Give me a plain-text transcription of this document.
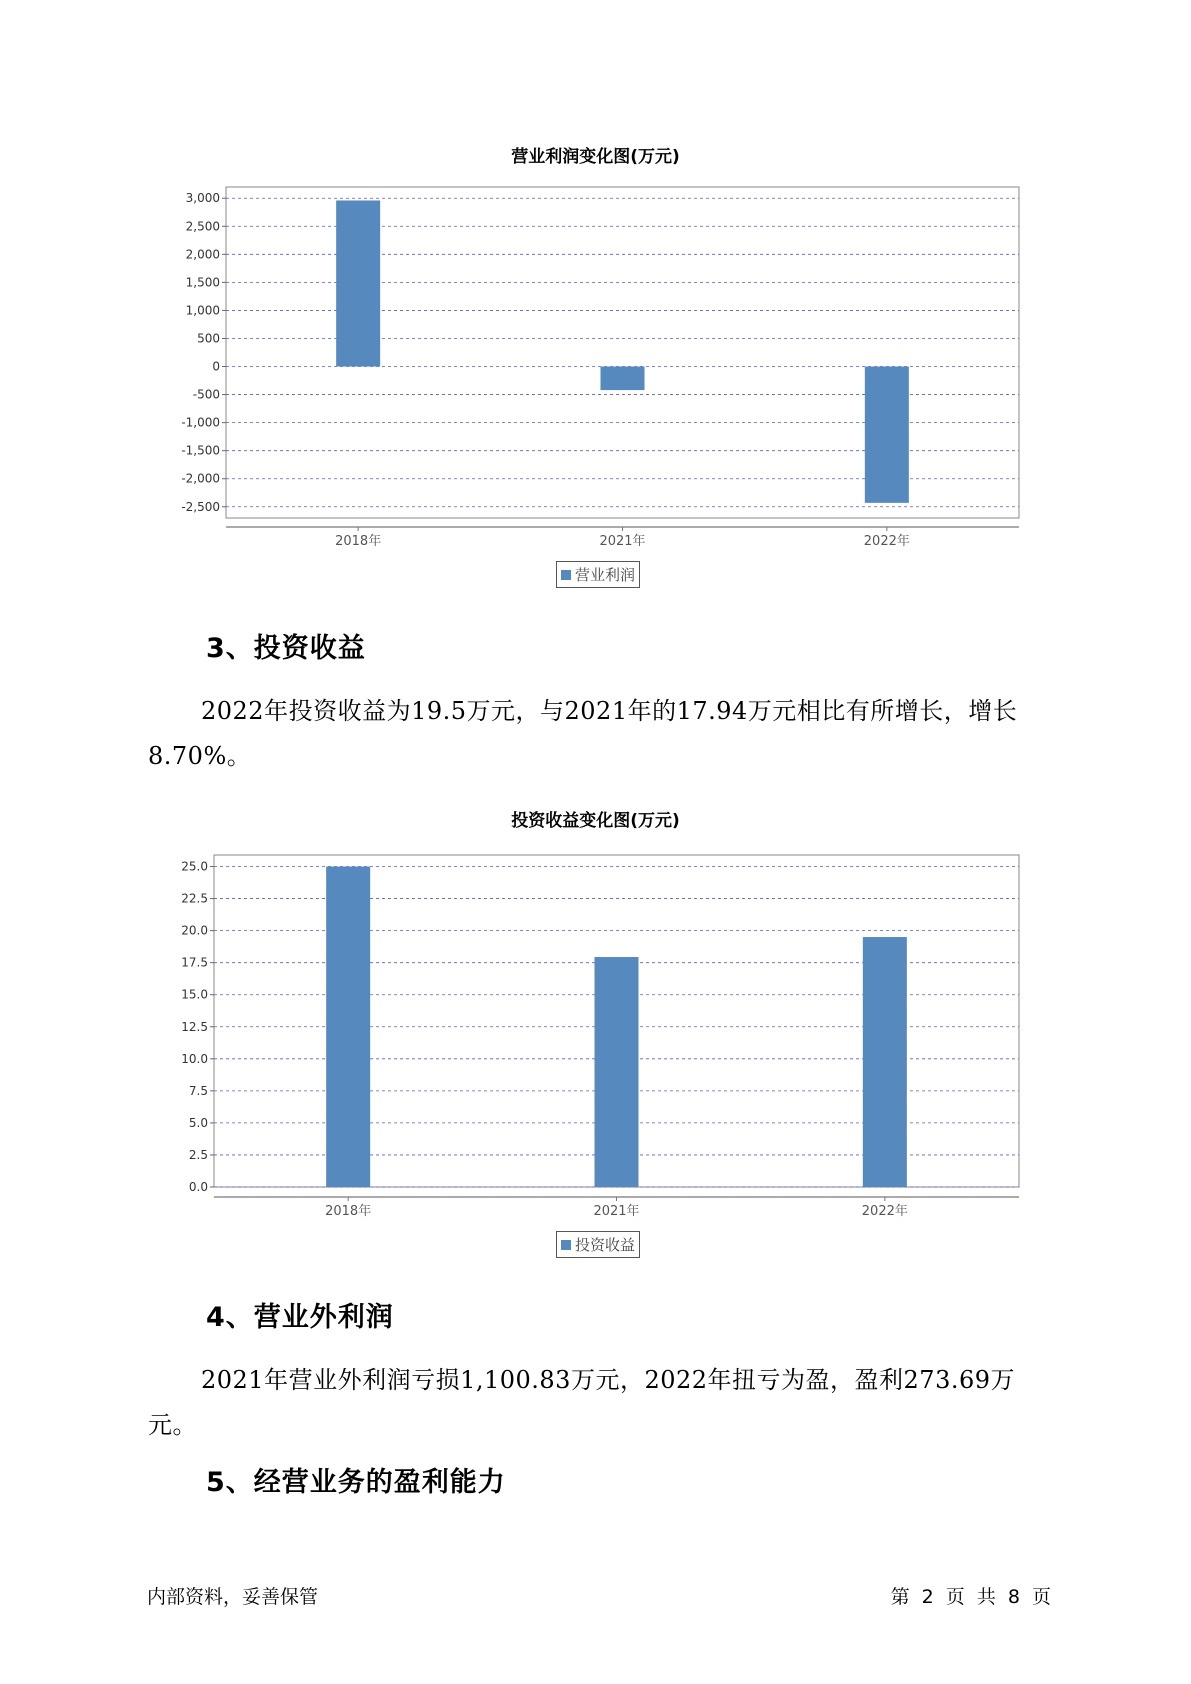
营业利润变化图(万元)
3,000
2,500
2,000
1,500
1,000
500
0
-500
-1,000
-1,500
-2,000
-2,500
2018年	2021年	2022年
营业利润
3、投资收益
2022年投资收益为19.5万元，与2021年的17.94万元相比有所增长，增长8.70%。
投资收益变化图(万元)
25.0
22.5
20.0
17.5
15.0
12.5
10.0
7.5
5.0
2.5
0.0
2018年	2021年	2022年
投资收益
4、营业外利润
2021年营业外利润亏损1,100.83万元，2022年扭亏为盈，盈利273.69万元。
5、经营业务的盈利能力
内部资料，妥善保管	第 2 页 共 8 页
